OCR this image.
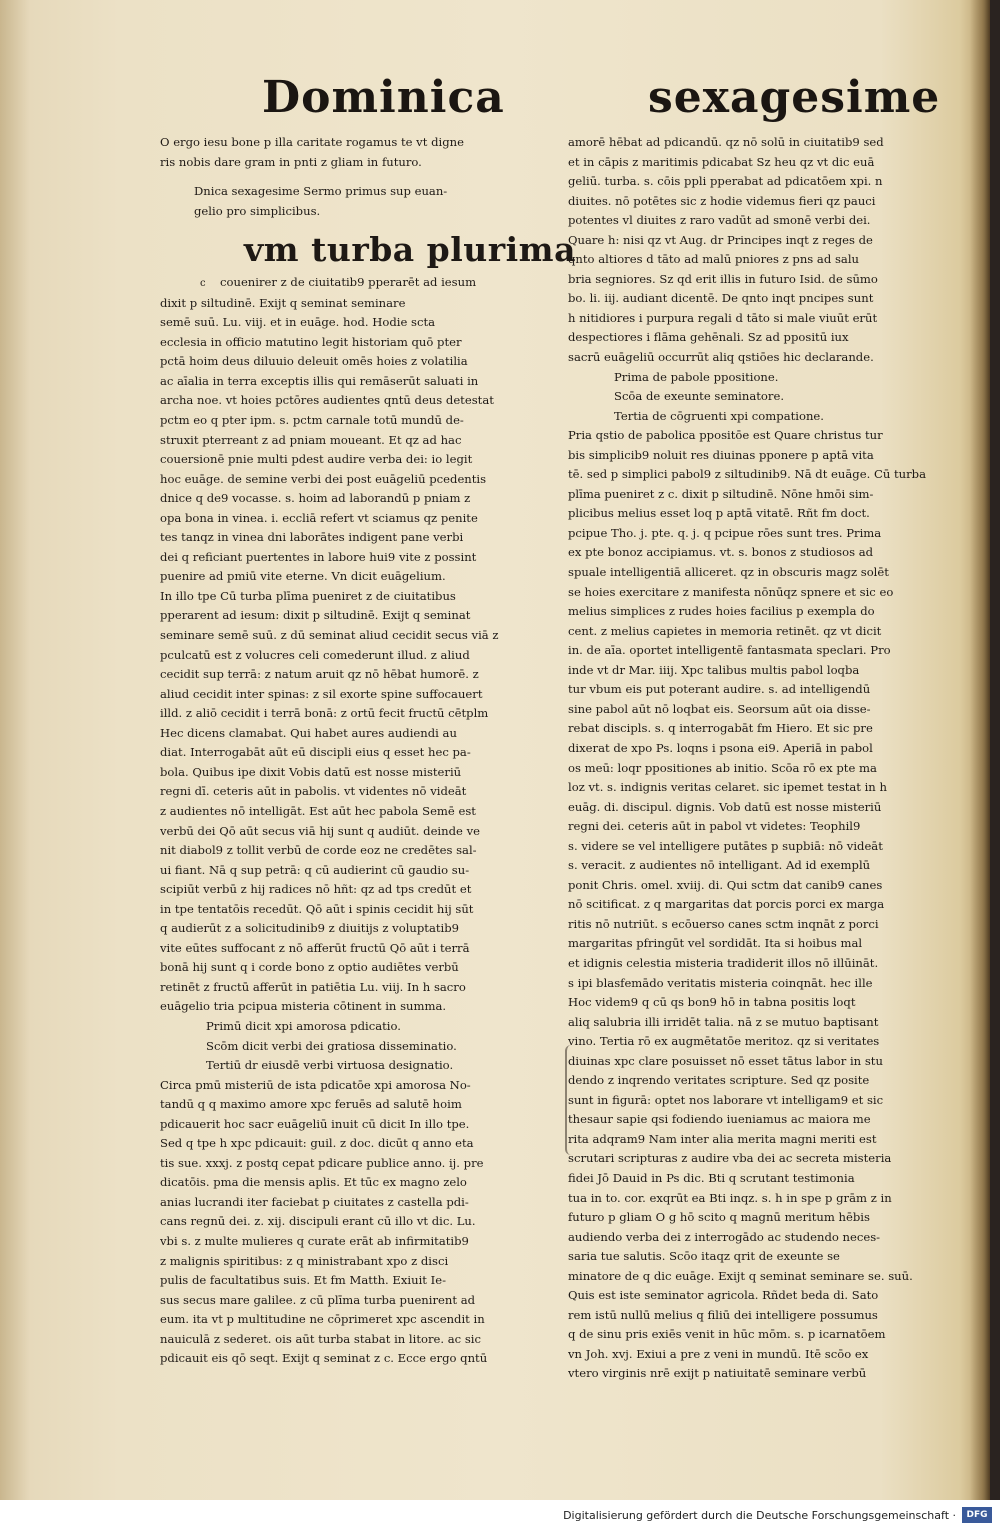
Dominica	sexagesime
O ergo iesu bone p illa caritate rogamus te vt digne
ris nobis dare gram in pnti z gliam in futuro.
Dnica sexagesime Sermo primus sup euan-
gelio pro simplicibus.
vm turba plurima
c couenirer z de ciuitatib9 pperarēt ad iesum
dixit p siltudinē. Exijt q seminat seminare
semē suū. Lu. viij. et in euāge. hod. Hodie scta
ecclesia in officio matutino legit historiam quō pter
pctā hoim deus diluuio deleuit omēs hoies z volatilia
ac aīalia in terra exceptis illis qui remāserūt saluati in
archa noe. vt hoies pctōres audientes qntū deus detestat
pctm eo q pter ipm. s. pctm carnale totū mundū de-
struxit pterreant z ad pniam moueant. Et qz ad hac
couersionē pnie multi pdest audire verba dei: io legit
hoc euāge. de semine verbi dei post euāgeliū pcedentis
dnice q de9 vocasse. s. hoim ad laborandū p pniam z
opa bona in vinea. i. eccliā refert vt sciamus qz penite
tes tanqz in vinea dni laborātes indigent pane verbi
dei q reficiant puertentes in labore hui9 vite z possint
puenire ad pmiū vite eterne. Vn dicit euāgelium.
In illo tpe Cū turba plīma pueniret z de ciuitatibus
pperarent ad iesum: dixit p siltudinē. Exijt q seminat
seminare semē suū. z dū seminat aliud cecidit secus viā z
pculcatū est z volucres celi comederunt illud. z aliud
cecidit sup terrā: z natum aruit qz nō hēbat humorē. z
aliud cecidit inter spinas: z sil exorte spine suffocauert
illd. z aliō cecidit i terrā bonā: z ortū fecit fructū cētplm
Hec dicens clamabat. Qui habet aures audiendi au
diat. Interrogabāt aūt eū discipli eius q esset hec pa-
bola. Quibus ipe dixit Vobis datū est nosse misteriū
regni dī. ceteris aūt in pabolis. vt videntes nō videāt
z audientes nō intelligāt. Est aūt hec pabola Semē est
verbū dei Qō aūt secus viā hij sunt q audiūt. deinde ve
nit diabol9 z tollit verbū de corde eoz ne credētes sal-
ui fiant. Nā q sup petrā: q cū audierint cū gaudio su-
scipiūt verbū z hij radices nō hñt: qz ad tps credūt et
in tpe tentatōis recedūt. Qō aūt i spinis cecidit hij sūt
q audierūt z a solicitudinib9 z diuitijs z voluptatib9
vite eūtes suffocant z nō afferūt fructū Qō aūt i terrā
bonā hij sunt q i corde bono z optio audiētes verbū
retinēt z fructū afferūt in patiētia Lu. viij. In h sacro
euāgelio tria pcipua misteria cōtinent in summa.
Primū dicit xpi amorosa pdicatio.
Scōm dicit verbi dei gratiosa disseminatio.
Tertiū dr eiusdē verbi virtuosa designatio.
Circa pmū misteriū de ista pdicatōe xpi amorosa No-
tandū q q maximo amore xpc feruēs ad salutē hoim
pdicauerit hoc sacr euāgeliū inuit cū dicit In illo tpe.
Sed q tpe h xpc pdicauit: guil. z doc. dicūt q anno eta
tis sue. xxxj. z postq cepat pdicare publice anno. ij. pre
dicatōis. pma die mensis aplis. Et tūc ex magno zelo
anias lucrandi iter faciebat p ciuitates z castella pdi-
cans regnū dei. z. xij. discipuli erant cū illo vt dic. Lu.
vbi s. z multe mulieres q curate erāt ab infirmitatib9
z malignis spiritibus: z q ministrabant xpo z disci
pulis de facultatibus suis. Et fm Matth. Exiuit Ie-
sus secus mare galilee. z cū plīma turba puenirent ad
eum. ita vt p multitudine ne cōprimeret xpc ascendit in
nauiculā z sederet. ois aūt turba stabat in litore. ac sic
pdicauit eis qō seqt. Exijt q seminat z c. Ecce ergo qntū
amorē hēbat ad pdicandū. qz nō solū in ciuitatib9 sed
et in cāpis z maritimis pdicabat Sz heu qz vt dic euā
geliū. turba. s. cōis ppli pperabat ad pdicatōem xpi. n
diuites. nō potētes sic z hodie videmus fieri qz pauci
potentes vl diuites z raro vadūt ad smonē verbi dei.
Quare h: nisi qz vt Aug. dr Principes inqt z reges de
qnto altiores d tāto ad malū pniores z pns ad salu
bria segniores. Sz qd erit illis in futuro Isid. de sūmo
bo. li. iij. audiant dicentē. De qnto inqt pncipes sunt
h nitidiores i purpura regali d tāto si male viuūt erūt
despectiores i flāma gehēnali. Sz ad ppositū iux
sacrū euāgeliū occurrūt aliq qstiōes hic declarande.
Prima de pabole ppositione.
Scōa de exeunte seminatore.
Tertia de cōgruenti xpi compatione.
Pria qstio de pabolica ppositōe est Quare christus tur
bis simplicib9 noluit res diuinas pponere p aptā vita
tē. sed p simplici pabol9 z siltudinib9. Nā dt euāge. Cū turba
plīma pueniret z c. dixit p siltudinē. Nōne hmōi sim-
plicibus melius esset loq p aptā vitatē. Rñt fm doct.
pcipue Tho. j. pte. q. j. q pcipue rōes sunt tres. Prima
ex pte bonoz accipiamus. vt. s. bonos z studiosos ad
spuale intelligentiā alliceret. qz in obscuris magz solēt
se hoies exercitare z manifesta nōnūqz spnere et sic eo
melius simplices z rudes hoies facilius p exempla do
cent. z melius capietes in memoria retinēt. qz vt dicit
in. de aīa. oportet intelligentē fantasmata speclari. Pro
inde vt dr Mar. iiij. Xpc talibus multis pabol loqba
tur vbum eis put poterant audire. s. ad intelligendū
sine pabol aūt nō loqbat eis. Seorsum aūt oia disse-
rebat discipls. s. q interrogabāt fm Hiero. Et sic pre
dixerat de xpo Ps. loqns i psona ei9. Aperiā in pabol
os meū: loqr ppositiones ab initio. Scōa rō ex pte ma
loz vt. s. indignis veritas celaret. sic ipemet testat in h
euāg. di. discipul. dignis. Vob datū est nosse misteriū
regni dei. ceteris aūt in pabol vt videtes: Teophil9
s. videre se vel intelligere putātes p supbiā: nō videāt
s. veracit. z audientes nō intelligant. Ad id exemplū
ponit Chris. omel. xviij. di. Qui sctm dat canib9 canes
nō scitificat. z q margaritas dat porcis porci ex marga
ritis nō nutriūt. s ecōuerso canes sctm inqnāt z porci
margaritas pfringūt vel sordidāt. Ita si hoibus mal
et idignis celestia misteria tradiderit illos nō illūināt.
s ipi blasfemādo veritatis misteria coinqnāt. hec ille
Hoc videm9 q cū qs bon9 hō in tabna positis loqt
aliq salubria illi irridēt talia. nā z se mutuo baptisant
vino. Tertia rō ex augmētatōe meritoz. qz si veritates
diuinas xpc clare posuisset nō esset tātus labor in stu
dendo z inqrendo veritates scripture. Sed qz posite
sunt in figurā: optet nos laborare vt intelligam9 et sic
thesaur sapie qsi fodiendo iueniamus ac maiora me
rita adqram9 Nam inter alia merita magni meriti est
scrutari scripturas z audire vba dei ac secreta misteria
fidei Jō Dauid in Ps dic. Bti q scrutant testimonia
tua in to. cor. exqrūt ea Bti inqz. s. h in spe p grām z in
futuro p gliam O g hō scito q magnū meritum hēbis
audiendo verba dei z interrogādo ac studendo neces-
saria tue salutis. Scōo itaqz qrit de exeunte se
minatore de q dic euāge. Exijt q seminat seminare se. suū.
Quis est iste seminator agricola. Rñdet beda di. Sato
rem istū nullū melius q filiū dei intelligere possumus
q de sinu pris exiēs venit in hūc mōm. s. p icarnatōem
vn Joh. xvj. Exiui a pre z veni in mundū. Itē scōo ex
vtero virginis nrē exijt p natiuitatē seminare verbū
Digitalisierung gefördert durch die Deutsche Forschungsgemeinschaft ·	DFG
